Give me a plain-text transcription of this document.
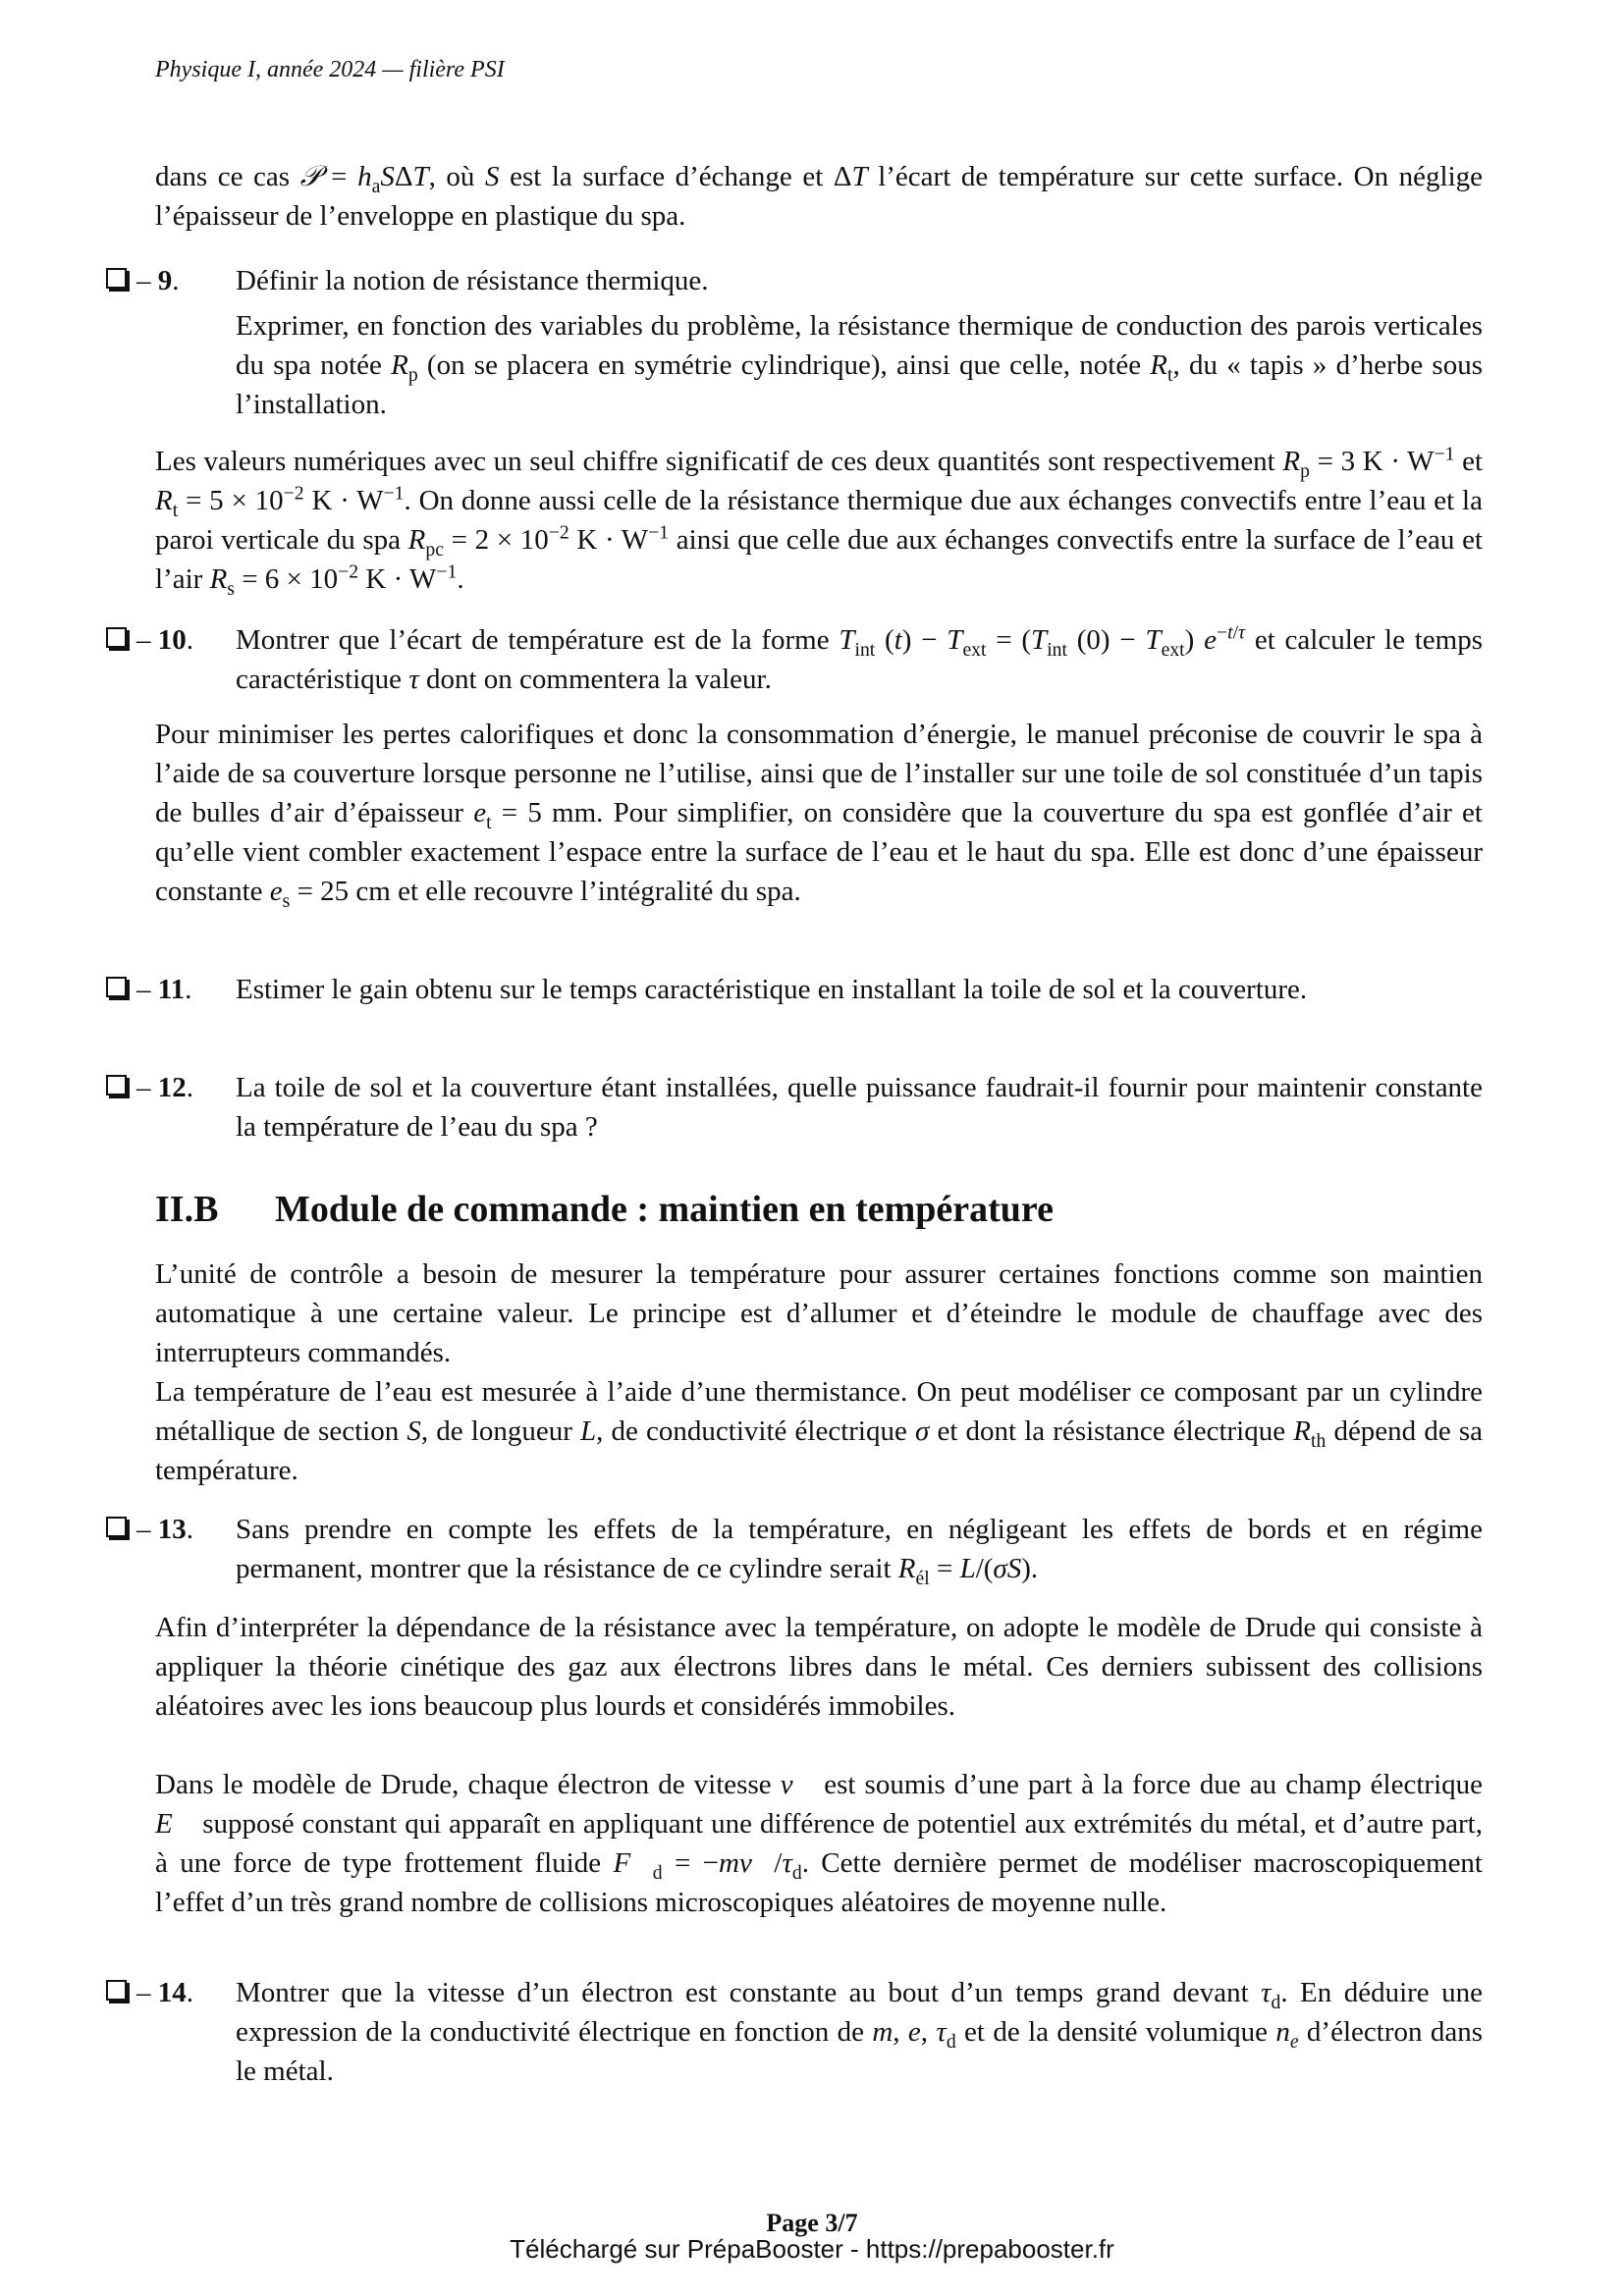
Physique I, année 2024 — filière PSI
dans ce cas 𝒫 = $h_aS\Delta T$, où S est la surface d’échange et ΔT l’écart de température sur cette surface. On néglige l’épaisseur de l’enveloppe en plastique du spa.
– 9. Définir la notion de résistance thermique.
Exprimer, en fonction des variables du problème, la résistance thermique de conduction des parois verticales du spa notée $R_p$ (on se placera en symétrie cylindrique), ainsi que celle, notée $R_t$, du « tapis » d’herbe sous l’installation.
Les valeurs numériques avec un seul chiffre significatif de ces deux quantités sont respectivement $R_p = 3$ $K \cdot W^{-1}$ et $R_t = 5 \times 10^{-2}$ $K \cdot W^{-1}$. On donne aussi celle de la résistance thermique due aux échanges convectifs entre l’eau et la paroi verticale du spa $R_{pc} = 2 \times 10^{-2}$ $K \cdot W^{-1}$ ainsi que celle due aux échanges convectifs entre la surface de l’eau et l’air $R_s = 6 \times 10^{-2}$ $K \cdot W^{-1}$.
– 10. Montrer que l’écart de température est de la forme $T_{int}$ $(t) - T_{ext} = (T_{int}$ $(0) - T_{ext}$) $e^{-t/\tau}$ et calculer le temps caractéristique τ dont on commentera la valeur.
Pour minimiser les pertes calorifiques et donc la consommation d’énergie, le manuel préconise de couvrir le spa à l’aide de sa couverture lorsque personne ne l’utilise, ainsi que de l’installer sur une toile de sol constituée d’un tapis de bulles d’air d’épaisseur $e_t = 5$ mm. Pour simplifier, on considère que la couverture du spa est gonflée d’air et qu’elle vient combler exactement l’espace entre la surface de l’eau et le haut du spa. Elle est donc d’une épaisseur constante $e_s = 25$ cm et elle recouvre l’intégralité du spa.
– 11. Estimer le gain obtenu sur le temps caractéristique en installant la toile de sol et la couverture.
– 12. La toile de sol et la couverture étant installées, quelle puissance faudrait-il fournir pour maintenir constante la température de l’eau du spa ?
II.B Module de commande : maintien en température
L’unité de contrôle a besoin de mesurer la température pour assurer certaines fonctions comme son maintien automatique à une certaine valeur. Le principe est d’allumer et d’éteindre le module de chauffage avec des interrupteurs commandés.
La température de l’eau est mesurée à l’aide d’une thermistance. On peut modéliser ce composant par un cylindre métallique de section S, de longueur L, de conductivité électrique σ et dont la résistance électrique $R_{th}$ dépend de sa température.
– 13. Sans prendre en compte les effets de la température, en négligeant les effets de bords et en régime permanent, montrer que la résistance de ce cylindre serait $R_{él} = L/(\sigma S)$.
Afin d’interpréter la dépendance de la résistance avec la température, on adopte le modèle de Drude qui consiste à appliquer la théorie cinétique des gaz aux électrons libres dans le métal. Ces derniers subissent des collisions aléatoires avec les ions beaucoup plus lourds et considérés immobiles.
Dans le modèle de Drude, chaque électron de vitesse v⃗ est soumis d’une part à la force due au champ électrique E⃗ supposé constant qui apparaît en appliquant une différence de potentiel aux extrémités du métal, et d’autre part, à une force de type frottement fluide $F⃗_d$ = $-mv⃗/\tau_d$. Cette dernière permet de modéliser macroscopiquement l’effet d’un très grand nombre de collisions microscopiques aléatoires de moyenne nulle.
– 14. Montrer que la vitesse d’un électron est constante au bout d’un temps grand devant $\tau_d$. En déduire une expression de la conductivité électrique en fonction de m, e, $\tau_d$ et de la densité volumique $n_e$ d’électron dans le métal.
Page 3/7
Téléchargé sur PrépaBooster - https://prepabooster.fr
